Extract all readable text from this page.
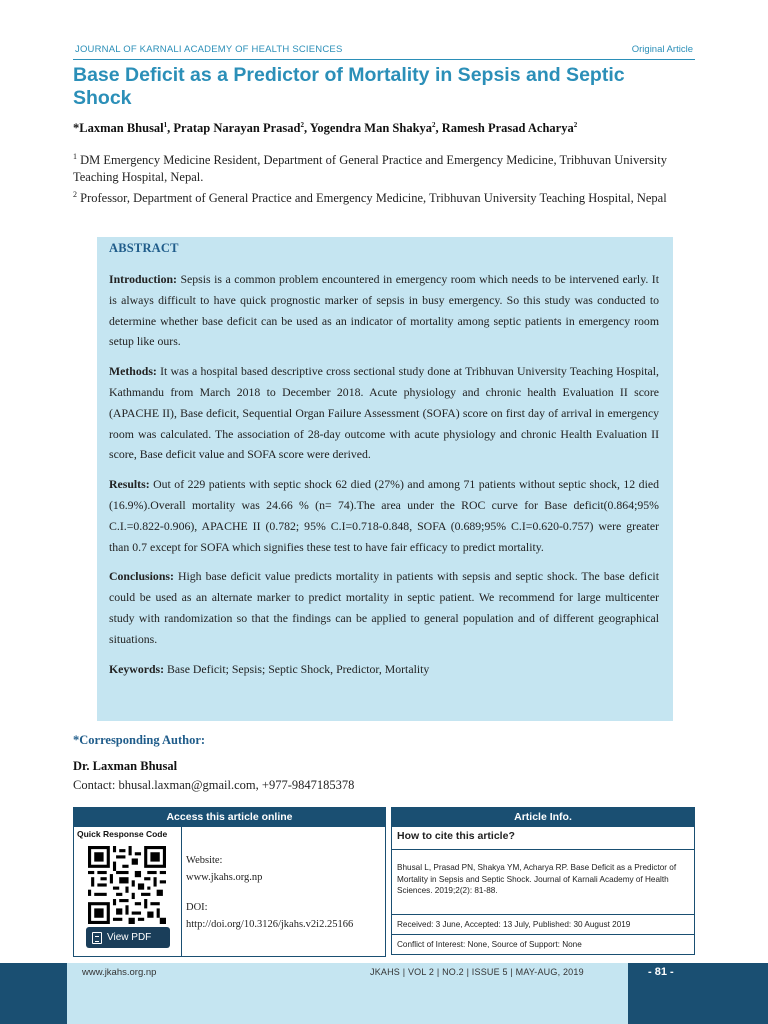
JOURNAL OF KARNALI ACADEMY OF HEALTH SCIENCES	Original Article
Base Deficit as a Predictor of Mortality in Sepsis and Septic Shock
*Laxman Bhusal$^1$, Pratap Narayan Prasad$^2$, Yogendra Man Shakya$^2$, Ramesh Prasad Acharya$^2$
$^1$ DM Emergency Medicine Resident, Department of General Practice and Emergency Medicine, Tribhuvan University Teaching Hospital, Nepal.
$^2$ Professor, Department of General Practice and Emergency Medicine, Tribhuvan University Teaching Hospital, Nepal
ABSTRACT

Introduction: Sepsis is a common problem encountered in emergency room which needs to be intervened early. It is always difficult to have quick prognostic marker of sepsis in busy emergency. So this study was conducted to determine whether base deficit can be used as an indicator of mortality among septic patients in emergency room setup like ours.

Methods: It was a hospital based descriptive cross sectional study done at Tribhuvan University Teaching Hospital, Kathmandu from March 2018 to December 2018. Acute physiology and chronic health Evaluation II score (APACHE II), Base deficit, Sequential Organ Failure Assessment (SOFA) score on first day of arrival in emergency room was calculated. The association of 28-day outcome with acute physiology and chronic Health Evaluation II score, Base deficit value and SOFA score were derived.

Results: Out of 229 patients with septic shock 62 died (27%) and among 71 patients without septic shock, 12 died (16.9%).Overall mortality was 24.66 % (n= 74).The area under the ROC curve for Base deficit(0.864;95% C.I.=0.822-0.906), APACHE II (0.782; 95% C.I=0.718-0.848, SOFA (0.689;95% C.I=0.620-0.757) were greater than 0.7 except for SOFA which signifies these test to have fair efficacy to predict mortality.

Conclusions: High base deficit value predicts mortality in patients with sepsis and septic shock. The base deficit could be used as an alternate marker to predict mortality in septic patient. We recommend for large multicenter study with randomization so that the findings can be applied to general population and of different geographical situations.

Keywords: Base Deficit; Sepsis; Septic Shock, Predictor, Mortality

*Corresponding Author:
Dr. Laxman Bhusal
Contact: bhusal.laxman@gmail.com, +977-9847185378
Access this article online
Quick Response Code
View PDF
Website:
www.jkahs.org.np
DOI:
http://doi.org/10.3126/jkahs.v2i2.25166
Article Info.
How to cite this article?
Bhusal L, Prasad PN, Shakya YM, Acharya RP. Base Deficit as a Predictor of Mortality in Sepsis and Septic Shock. Journal of Karnali Academy of Health Sciences. 2019;2(2): 81-88.
Received: 3 June, Accepted: 13 July, Published: 30 August 2019
Conflict of Interest: None, Source of Support: None
www.jkahs.org.np	JKAHS | VOL 2 | NO.2 | ISSUE 5 | MAY-AUG, 2019	- 81 -
